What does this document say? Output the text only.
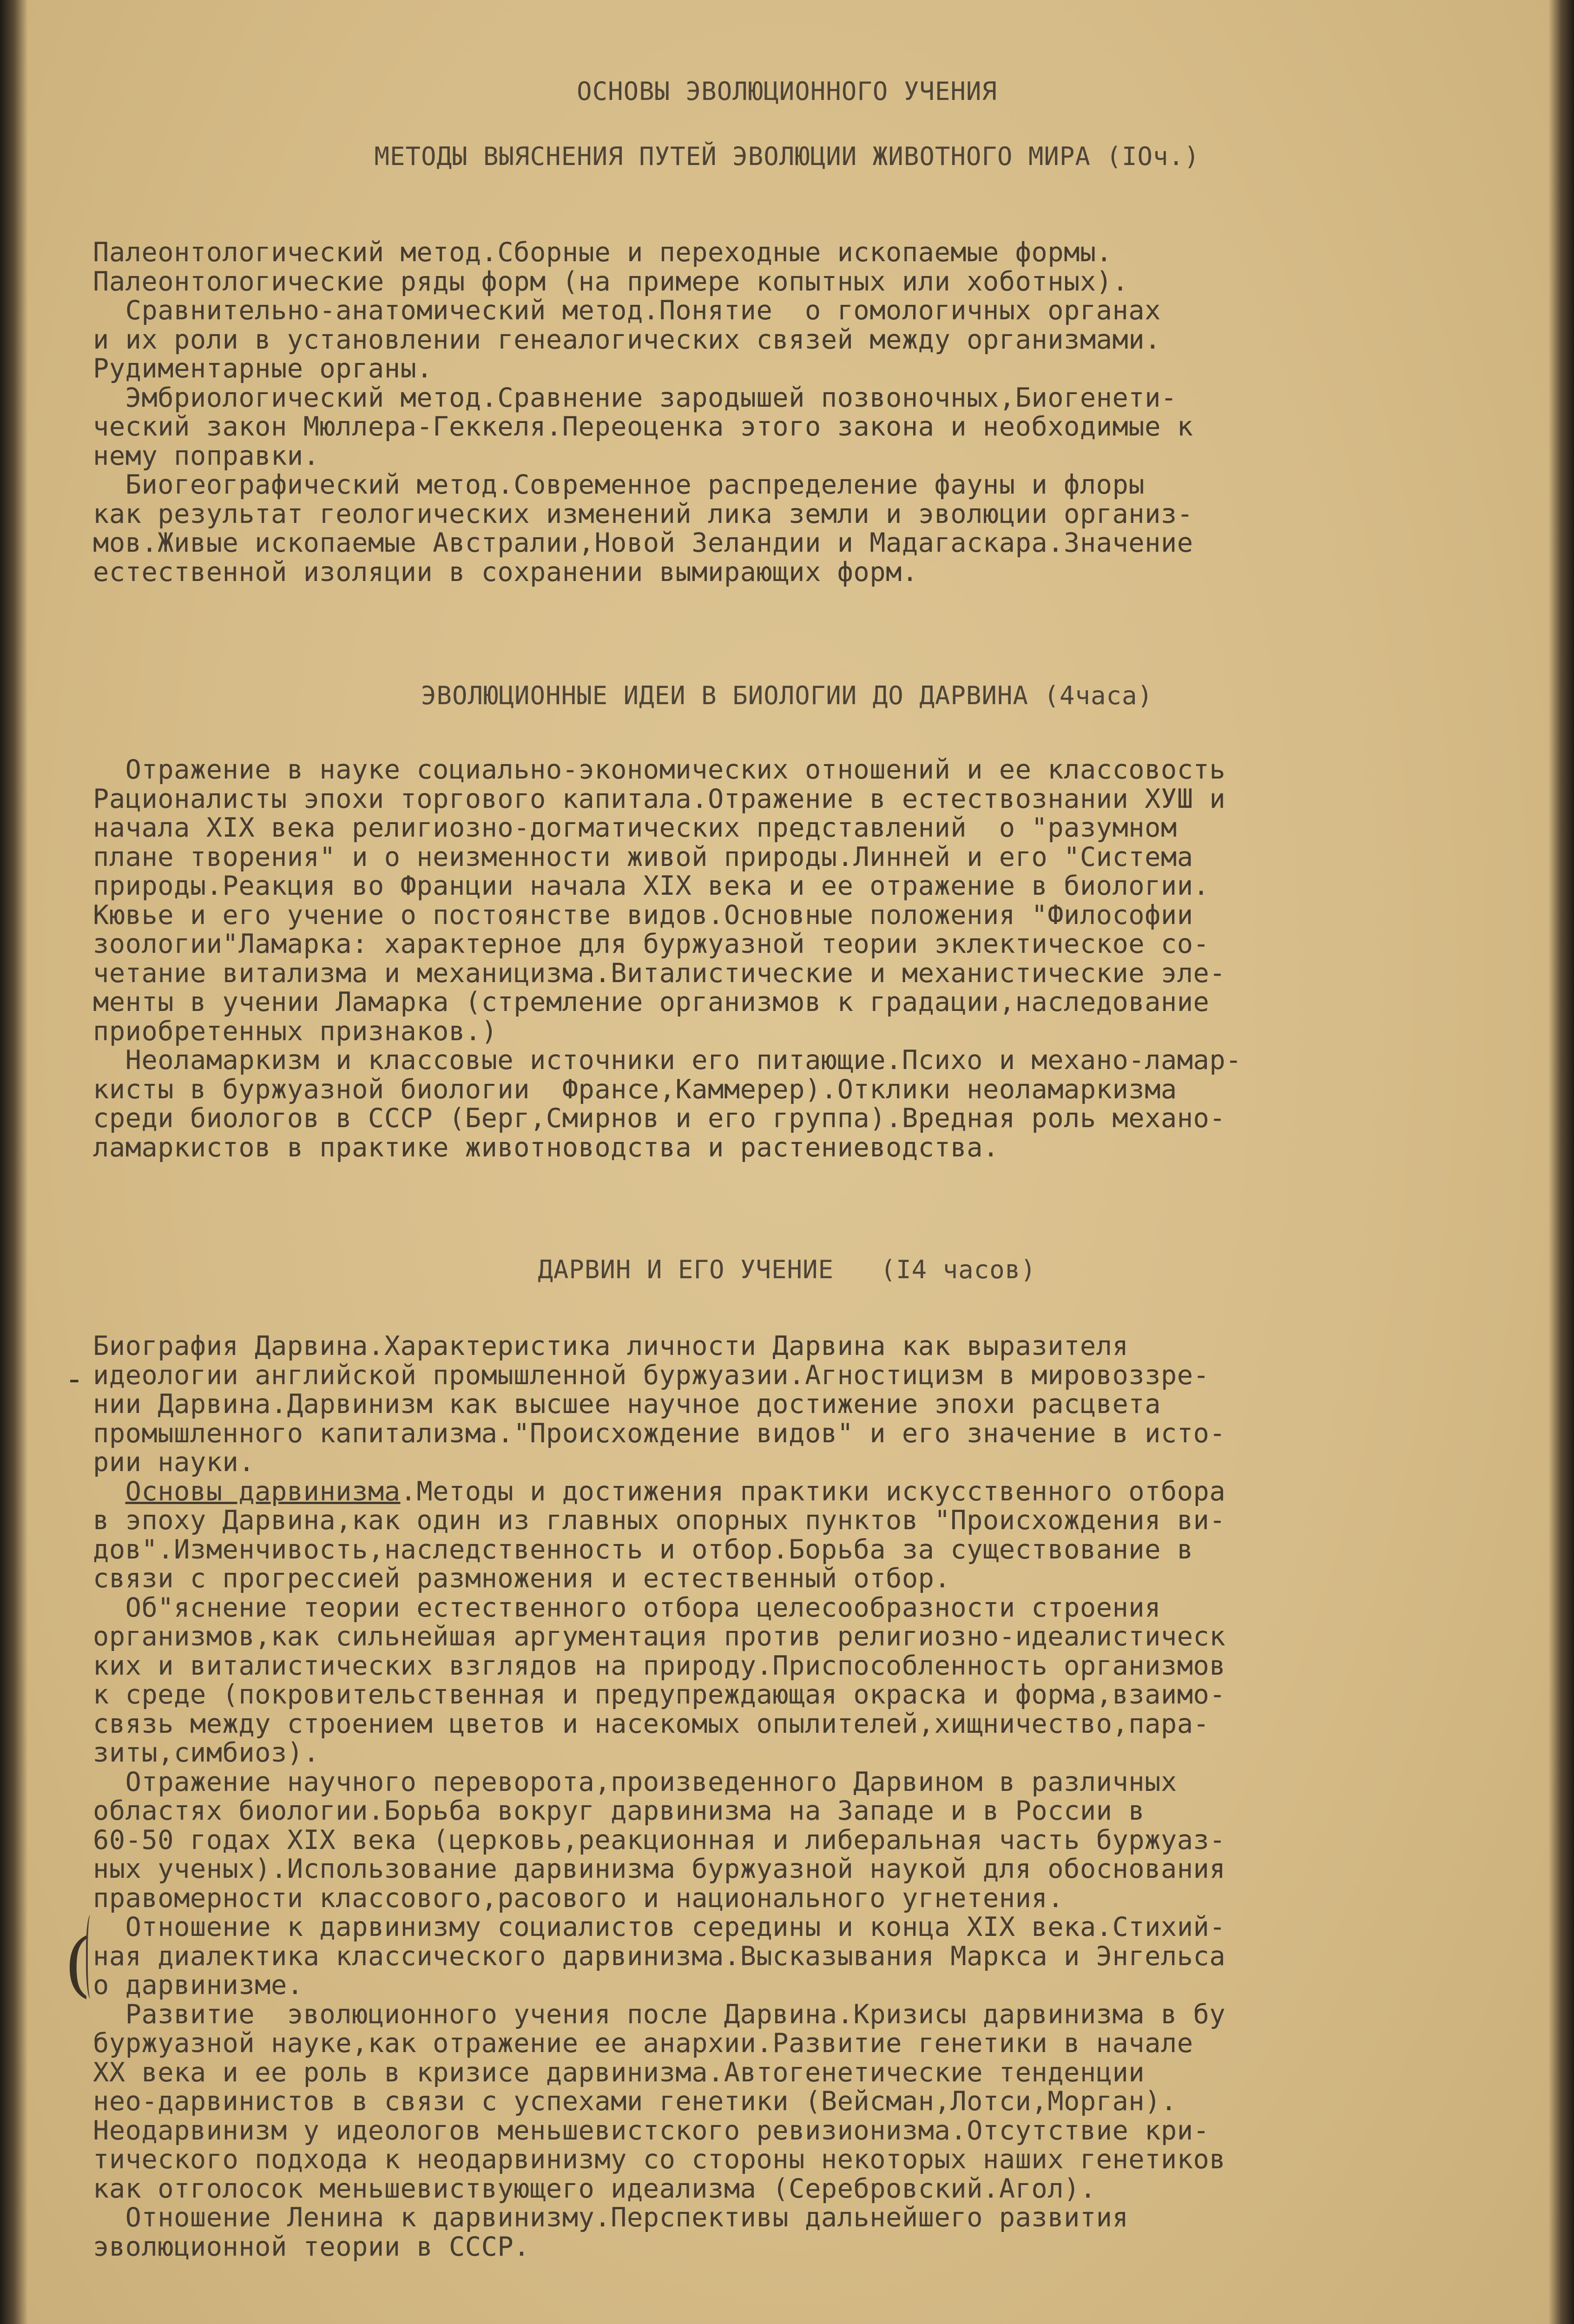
ОСНОВЫ ЭВОЛЮЦИОННОГО УЧЕНИЯ
МЕТОДЫ ВЫЯСНЕНИЯ ПУТЕЙ ЭВОЛЮЦИИ ЖИВОТНОГО МИРА (IОч.)
Палеонтологический метод.Сборные и переходные ископаемые формы.
Палеонтологические ряды форм (на примере копытных или хоботных).
Сравнительно-анатомический метод.Понятие  о гомологичных органах
и их роли в установлении генеалогических связей между организмами.
Рудиментарные органы.
Эмбриологический метод.Сравнение зародышей позвоночных,Биогенети-
ческий закон Мюллера-Геккеля.Переоценка этого закона и необходимые к
нему поправки.
Биогеографический метод.Современное распределение фауны и флоры
как результат геологических изменений лика земли и эволюции организ-
мов.Живые ископаемые Австралии,Новой Зеландии и Мадагаскара.Значение
естественной изоляции в сохранении вымирающих форм.
ЭВОЛЮЦИОННЫЕ ИДЕИ В БИОЛОГИИ ДО ДАРВИНА (4часа)
Отражение в науке социально-экономических отношений и ее классовость
Рационалисты эпохи торгового капитала.Отражение в естествознании ХУШ и
начала XIX века религиозно-догматических представлений  о "разумном
плане творения" и о неизменности живой природы.Линней и его "Система
природы.Реакция во Франции начала XIX века и ее отражение в биологии.
Кювье и его учение о постоянстве видов.Основные положения "Философии
зоологии"Ламарка: характерное для буржуазной теории эклектическое со-
четание витализма и механицизма.Виталистические и механистические эле-
менты в учении Ламарка (стремление организмов к градации,наследование
приобретенных признаков.)
Неоламаркизм и классовые источники его питающие.Психо и механо-ламар-
кисты в буржуазной биологии  Франсе,Каммерер).Отклики неоламаркизма
среди биологов в СССР (Берг,Смирнов и его группа).Вредная роль механо-
ламаркистов в практике животноводства и растениеводства.
ДАРВИН И ЕГО УЧЕНИЕ   (I4 часов)
Биография Дарвина.Характеристика личности Дарвина как выразителя
идеологии английской промышленной буржуазии.Агностицизм в мировоззре-
нии Дарвина.Дарвинизм как высшее научное достижение эпохи расцвета
промышленного капитализма."Происхождение видов" и его значение в исто-
рии науки.
Основы дарвинизма.Методы и достижения практики искусственного отбора
в эпоху Дарвина,как один из главных опорных пунктов "Происхождения ви-
дов".Изменчивость,наследственность и отбор.Борьба за существование в
связи с прогрессией размножения и естественный отбор.
Об"яснение теории естественного отбора целесообразности строения
организмов,как сильнейшая аргументация против религиозно-идеалистическ
ких и виталистических взглядов на природу.Приспособленность организмов
к среде (покровительственная и предупреждающая окраска и форма,взаимо-
связь между строением цветов и насекомых опылителей,хищничество,пара-
зиты,симбиоз).
Отражение научного переворота,произведенного Дарвином в различных
областях биологии.Борьба вокруг дарвинизма на Западе и в России в
60-50 годах XIX века (церковь,реакционная и либеральная часть буржуаз-
ных ученых).Использование дарвинизма буржуазной наукой для обоснования
правомерности классового,расового и национального угнетения.
Отношение к дарвинизму социалистов середины и конца XIX века.Стихий-
ная диалектика классического дарвинизма.Высказывания Маркса и Энгельса
о дарвинизме.
Развитие  эволюционного учения после Дарвина.Кризисы дарвинизма в бу
буржуазной науке,как отражение ее анархии.Развитие генетики в начале
XX века и ее роль в кризисе дарвинизма.Автогенетические тенденции
нео-дарвинистов в связи с успехами генетики (Вейсман,Лотси,Морган).
Неодарвинизм у идеологов меньшевистского ревизионизма.Отсутствие кри-
тического подхода к неодарвинизму со стороны некоторых наших генетиков
как отголосок меньшевиствующего идеализма (Серебровский.Агол).
Отношение Ленина к дарвинизму.Перспективы дальнейшего развития
эволюционной теории в СССР.
-
(
